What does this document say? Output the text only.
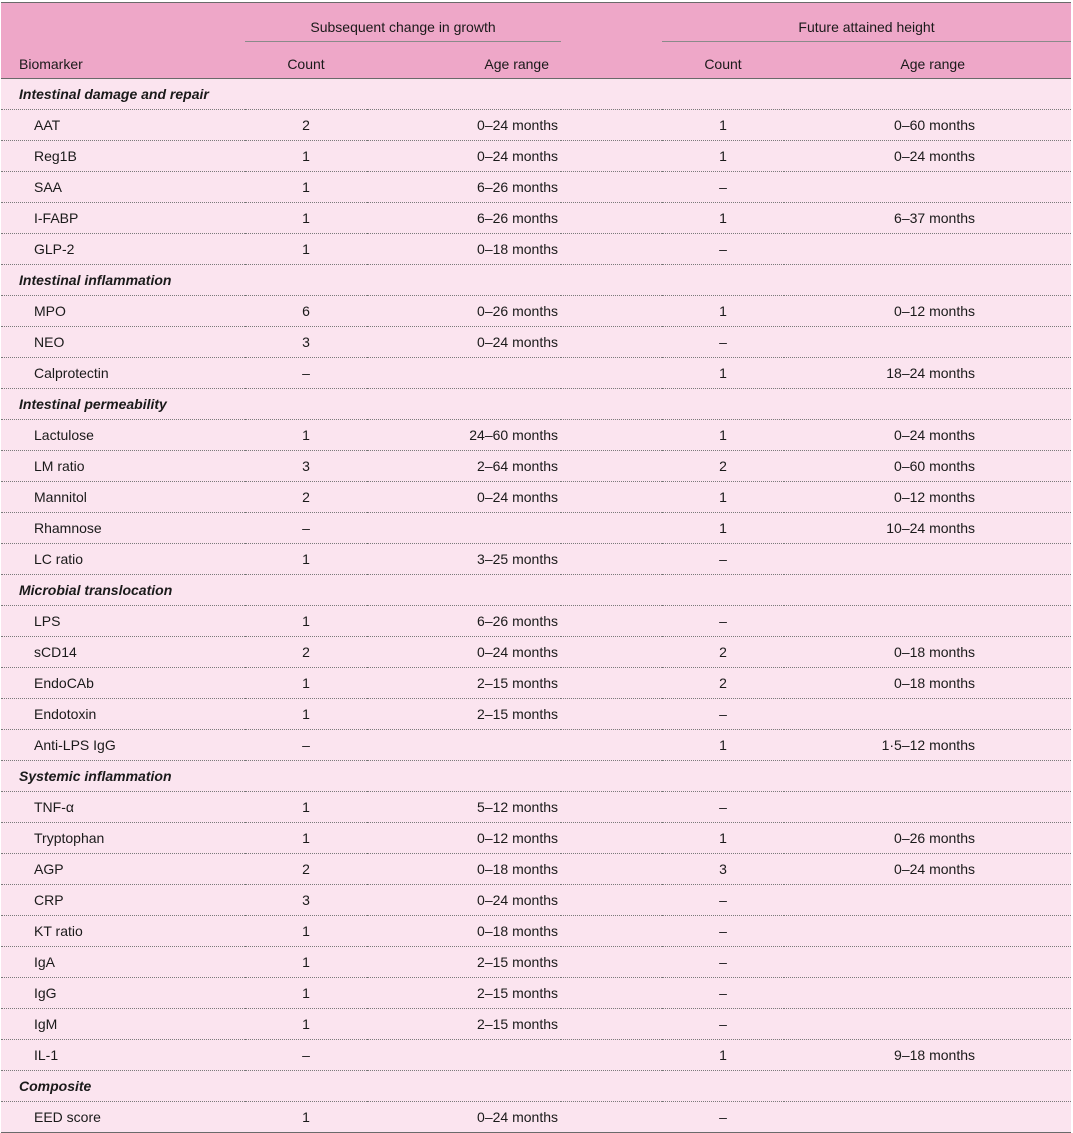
	Subsequent change in growth			Future attained height	
Biomarker	Count	Age range		Count	Age range
Intestinal damage and repair					
AAT	2	0–24 months		1	0–60 months
Reg1B	1	0–24 months		1	0–24 months
SAA	1	6–26 months		–	
I-FABP	1	6–26 months		1	6–37 months
GLP-2	1	0–18 months		–	
Intestinal inflammation					
MPO	6	0–26 months		1	0–12 months
NEO	3	0–24 months		–	
Calprotectin	–			1	18–24 months
Intestinal permeability					
Lactulose	1	24–60 months		1	0–24 months
LM ratio	3	2–64 months		2	0–60 months
Mannitol	2	0–24 months		1	0–12 months
Rhamnose	–			1	10–24 months
LC ratio	1	3–25 months		–	
Microbial translocation					
LPS	1	6–26 months		–	
sCD14	2	0–24 months		2	0–18 months
EndoCAb	1	2–15 months		2	0–18 months
Endotoxin	1	2–15 months		–	
Anti-LPS IgG	–			1	1·5–12 months
Systemic inflammation					
TNF-α	1	5–12 months		–	
Tryptophan	1	0–12 months		1	0–26 months
AGP	2	0–18 months		3	0–24 months
CRP	3	0–24 months		–	
KT ratio	1	0–18 months		–	
IgA	1	2–15 months		–	
IgG	1	2–15 months		–	
IgM	1	2–15 months		–	
IL-1	–			1	9–18 months
Composite					
EED score	1	0–24 months		–	
